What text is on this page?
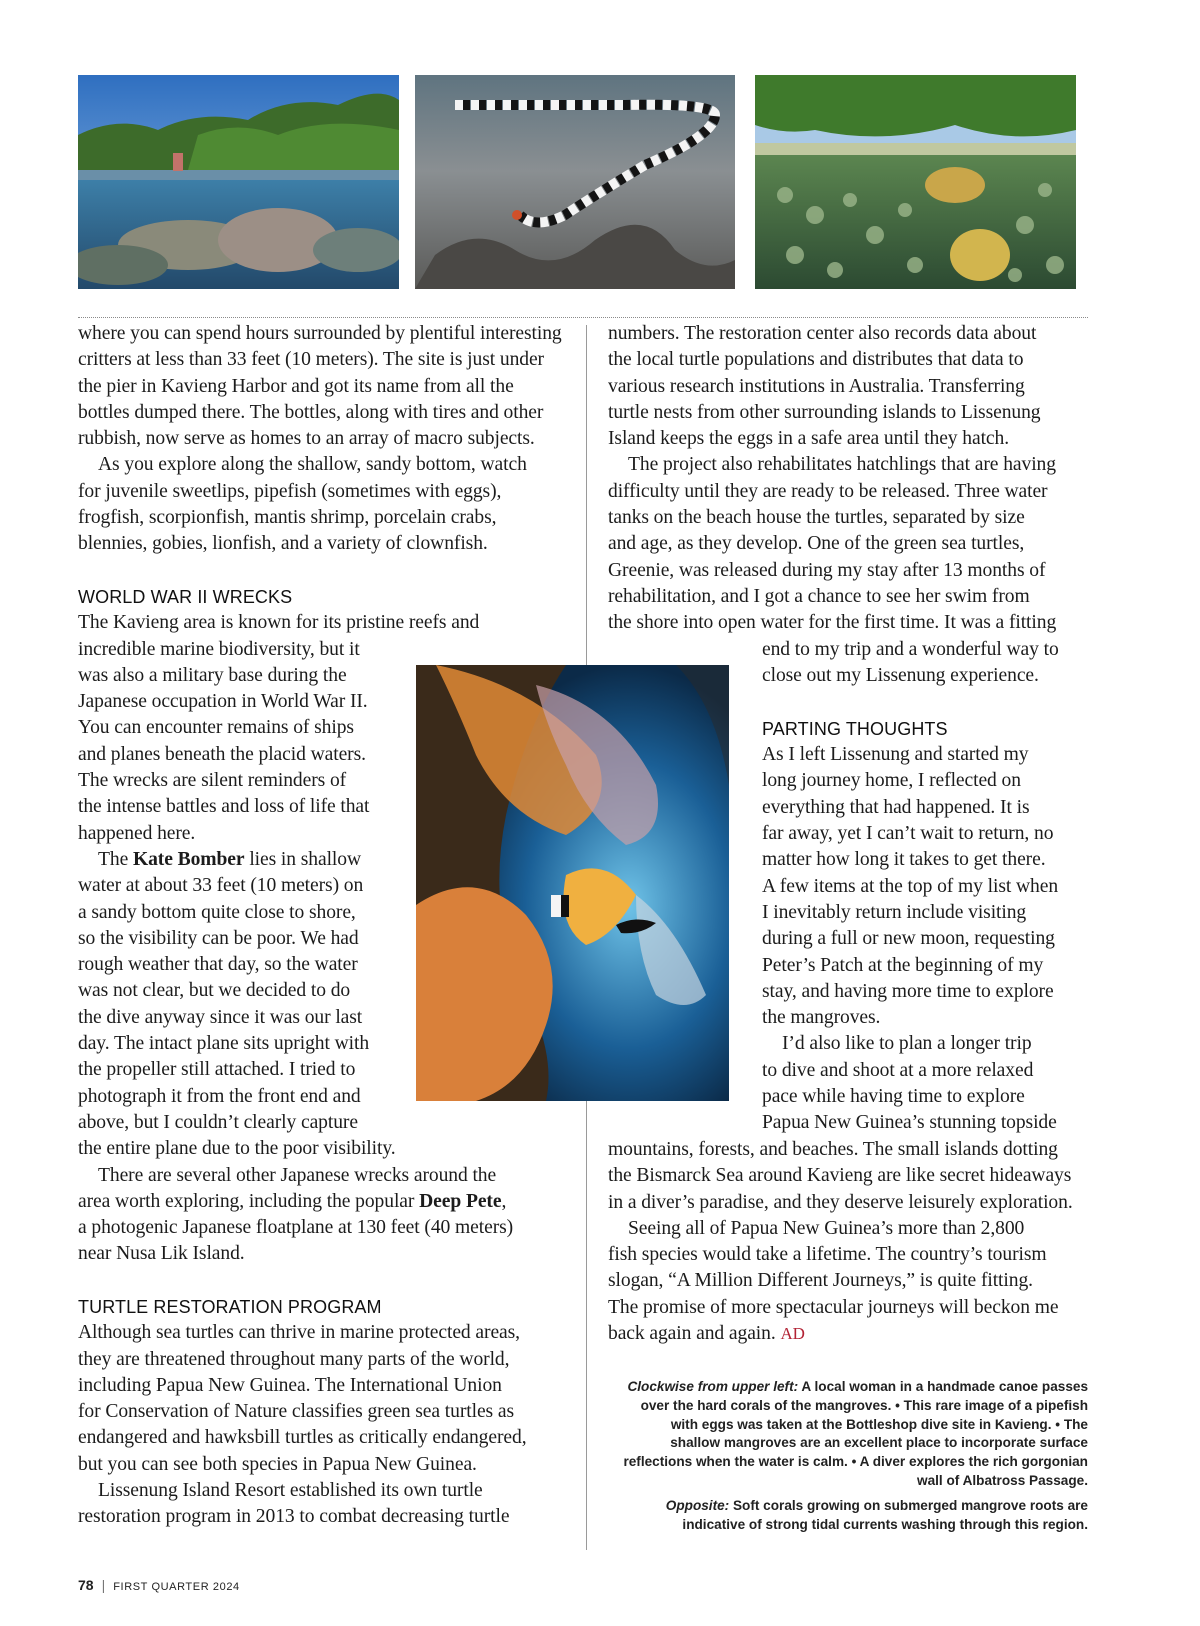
where you can spend hours surrounded by plentiful interesting
critters at less than 33 feet (10 meters). The site is just under
the pier in Kavieng Harbor and got its name from all the
bottles dumped there. The bottles, along with tires and other
rubbish, now serve as homes to an array of macro subjects.

As you explore along the shallow, sandy bottom, watch
for juvenile sweetlips, pipefish (sometimes with eggs),
frogfish, scorpionfish, mantis shrimp, porcelain crabs,
blennies, gobies, lionfish, and a variety of clownfish.

WORLD WAR II WRECKS

The Kavieng area is known for its pristine reefs and
incredible marine biodiversity, but it
was also a military base during the
Japanese occupation in World War II.
You can encounter remains of ships
and planes beneath the placid waters.
The wrecks are silent reminders of
the intense battles and loss of life that
happened here.

The Kate Bomber lies in shallow
water at about 33 feet (10 meters) on
a sandy bottom quite close to shore,
so the visibility can be poor. We had
rough weather that day, so the water
was not clear, but we decided to do
the dive anyway since it was our last
day. The intact plane sits upright with
the propeller still attached. I tried to
photograph it from the front end and
above, but I couldn’t clearly capture
the entire plane due to the poor visibility.

There are several other Japanese wrecks around the
area worth exploring, including the popular Deep Pete,
a photogenic Japanese floatplane at 130 feet (40 meters)
near Nusa Lik Island.

TURTLE RESTORATION PROGRAM

Although sea turtles can thrive in marine protected areas,
they are threatened throughout many parts of the world,
including Papua New Guinea. The International Union
for Conservation of Nature classifies green sea turtles as
endangered and hawksbill turtles as critically endangered,
but you can see both species in Papua New Guinea.

Lissenung Island Resort established its own turtle
restoration program in 2013 to combat decreasing turtle

numbers. The restoration center also records data about
the local turtle populations and distributes that data to
various research institutions in Australia. Transferring
turtle nests from other surrounding islands to Lissenung
Island keeps the eggs in a safe area until they hatch.

The project also rehabilitates hatchlings that are having
difficulty until they are ready to be released. Three water
tanks on the beach house the turtles, separated by size
and age, as they develop. One of the green sea turtles,
Greenie, was released during my stay after 13 months of
rehabilitation, and I got a chance to see her swim from
the shore into open water for the first time. It was a fitting

end to my trip and a wonderful way to
close out my Lissenung experience.

PARTING THOUGHTS

As I left Lissenung and started my
long journey home, I reflected on
everything that had happened. It is
far away, yet I can’t wait to return, no
matter how long it takes to get there.
A few items at the top of my list when
I inevitably return include visiting
during a full or new moon, requesting
Peter’s Patch at the beginning of my
stay, and having more time to explore
the mangroves.

I’d also like to plan a longer trip
to dive and shoot at a more relaxed
pace while having time to explore
Papua New Guinea’s stunning topside

mountains, forests, and beaches. The small islands dotting
the Bismarck Sea around Kavieng are like secret hideaways
in a diver’s paradise, and they deserve leisurely exploration.

Seeing all of Papua New Guinea’s more than 2,800
fish species would take a lifetime. The country’s tourism
slogan, “A Million Different Journeys,” is quite fitting.
The promise of more spectacular journeys will beckon me
back again and again. AD

Clockwise from upper left: A local woman in a handmade canoe passes over the hard corals of the mangroves. • This rare image of a pipefish with eggs was taken at the Bottleshop dive site in Kavieng. • The shallow mangroves are an excellent place to incorporate surface reflections when the water is calm. • A diver explores the rich gorgonian wall of Albatross Passage.
Opposite: Soft corals growing on submerged mangrove roots are indicative of strong tidal currents washing through this region.
78 | FIRST QUARTER 2024
